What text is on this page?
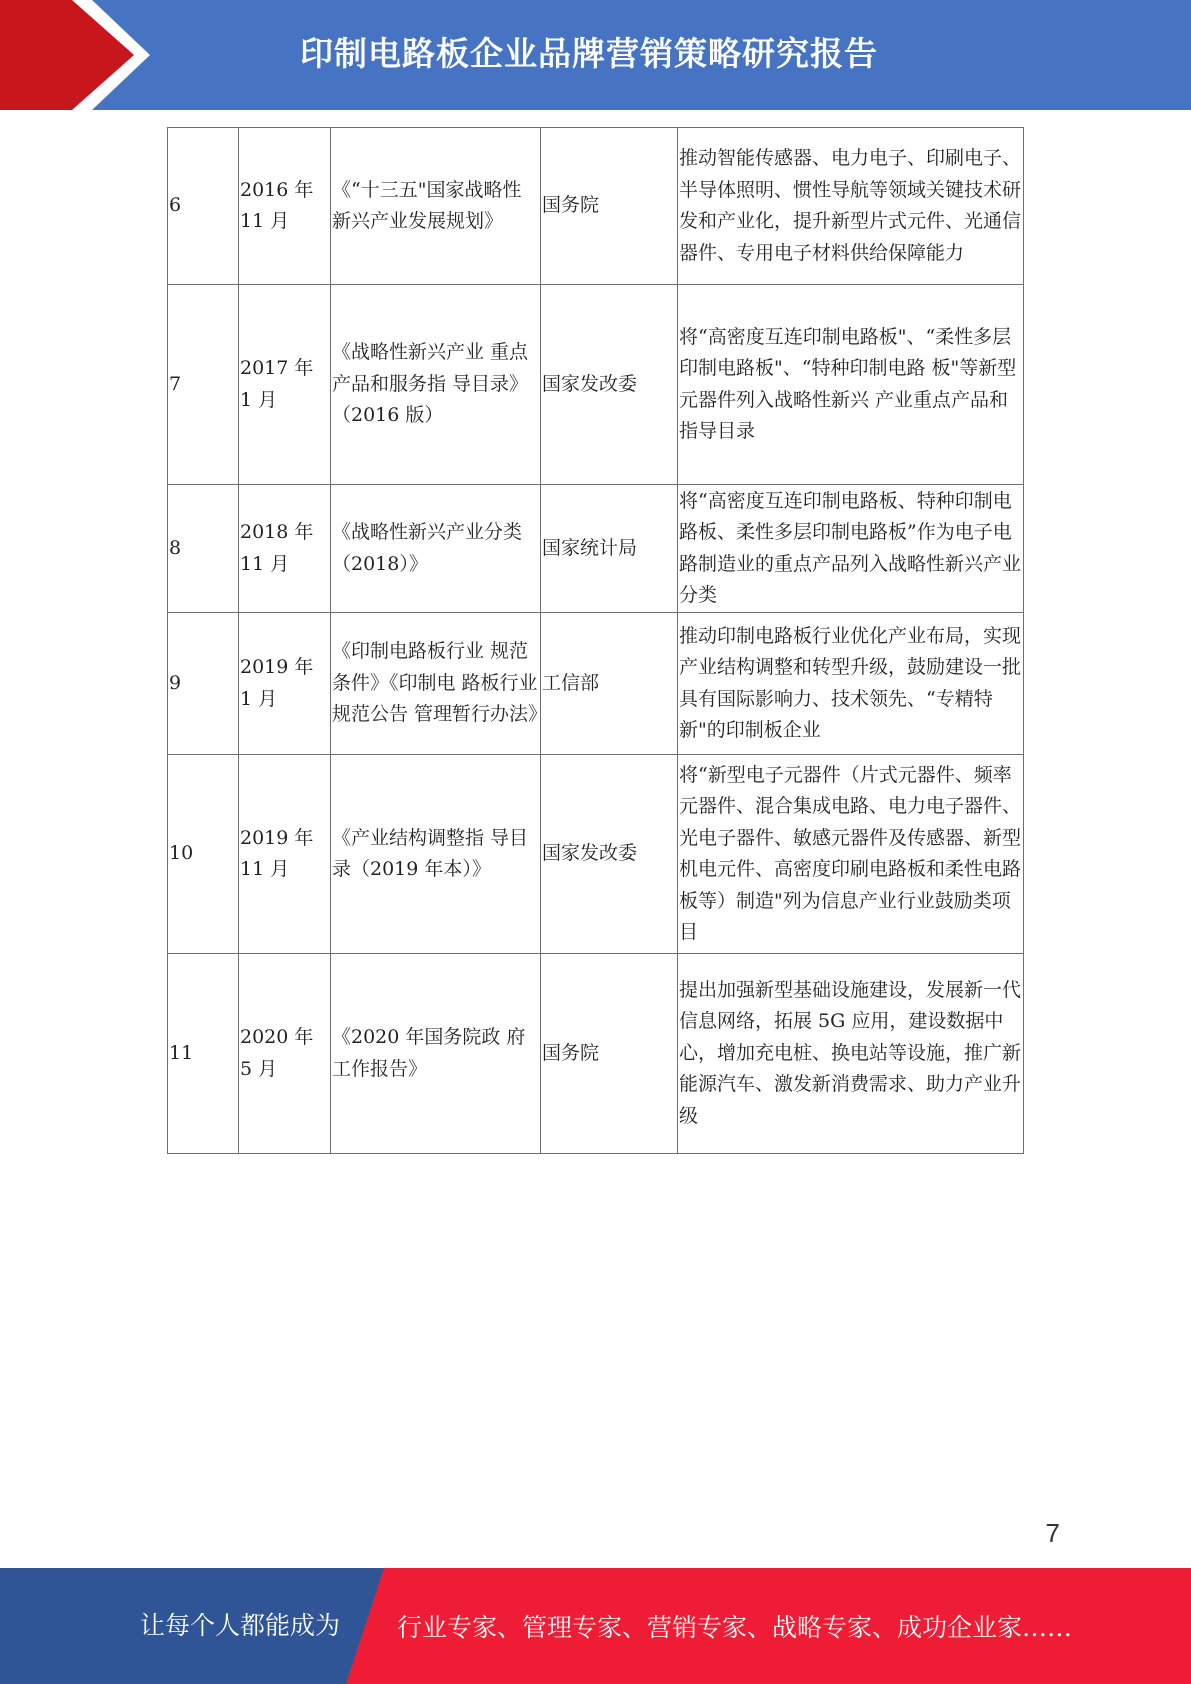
印制电路板企业品牌营销策略研究报告
6	2016 年 11 月	《“十三五"国家战略性新兴产业发展规划》	国务院	推动智能传感器、电力电子、印刷电子、半导体照明、惯性导航等领域关键技术研发和产业化，提升新型片式元件、光通信器件、专用电子材料供给保障能力
7	2017 年 1 月	《战略性新兴产业 重点产品和服务指 导目录》（2016 版）	国家发改委	将“高密度互连印制电路板"、“柔性多层印制电路板"、“特种印制电路 板"等新型元器件列入战略性新兴 产业重点产品和指导目录
8	2018 年 11 月	《战略性新兴产业分类（2018）》	国家统计局	将“高密度互连印制电路板、特种印制电路板、柔性多层印制电路板”作为电子电路制造业的重点产品列入战略性新兴产业分类
9	2019 年 1 月	《印制电路板行业 规范条件》《印制电 路板行业规范公告 管理暂行办法》	工信部	推动印制电路板行业优化产业布局，实现产业结构调整和转型升级，鼓励建设一批具有国际影响力、技术领先、“专精特新"的印制板企业
10	2019 年 11 月	《产业结构调整指 导目录（2019 年本）》	国家发改委	将“新型电子元器件（片式元器件、频率元器件、混合集成电路、电力电子器件、光电子器件、敏感元器件及传感器、新型机电元件、高密度印刷电路板和柔性电路板等）制造"列为信息产业行业鼓励类项目
11	2020 年 5 月	《2020 年国务院政 府工作报告》	国务院	提出加强新型基础设施建设，发展新一代信息网络，拓展 5G 应用，建设数据中心，增加充电桩、换电站等设施，推广新能源汽车、激发新消费需求、助力产业升级
7
让每个人都能成为 行业专家、管理专家、营销专家、战略专家、成功企业家……
